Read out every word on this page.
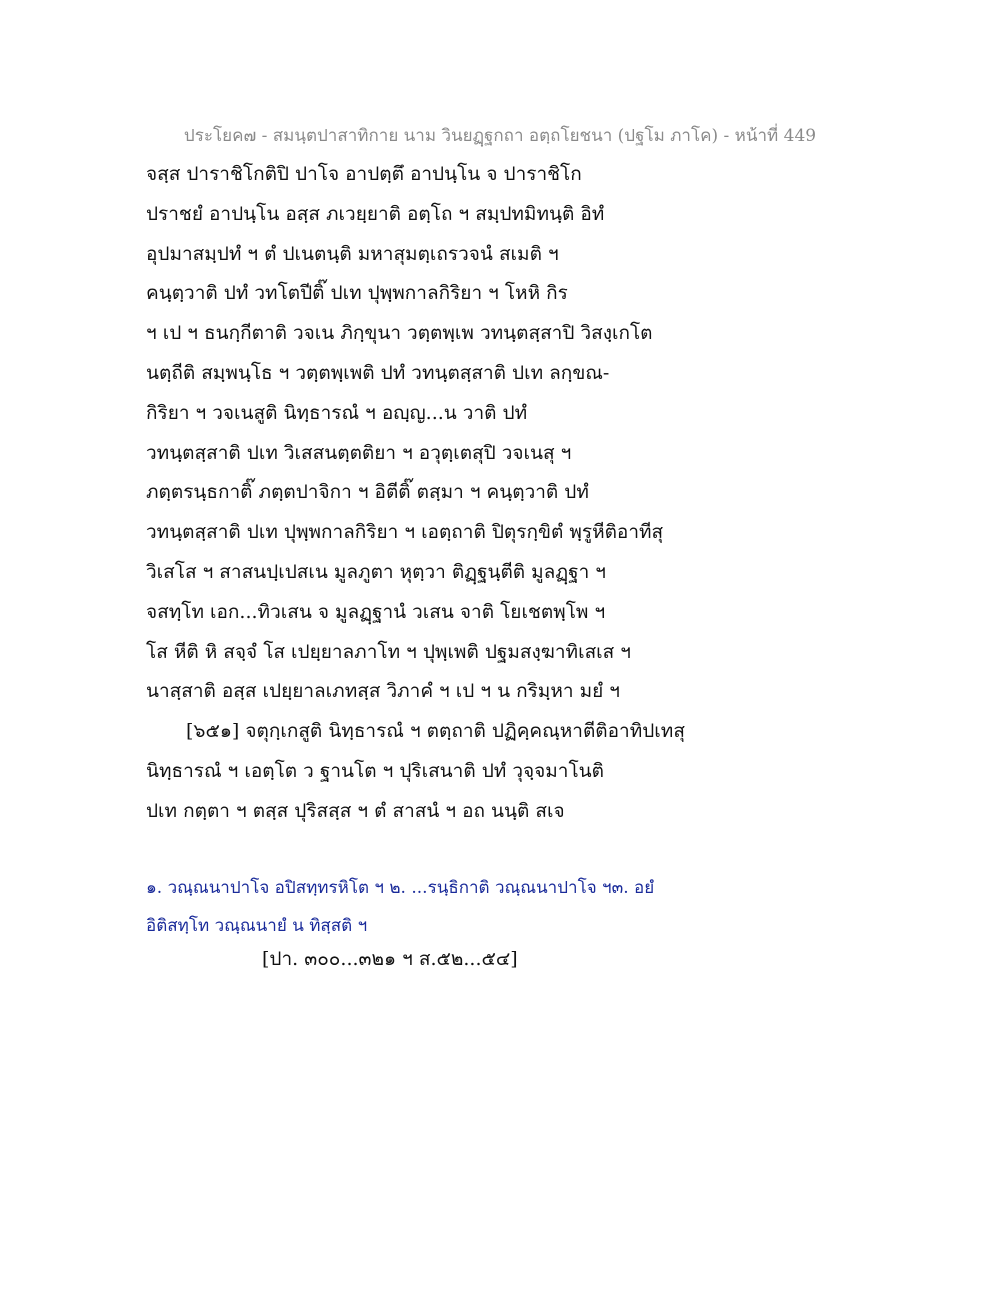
ประโยค๗ - สมนฺตปาสาทิกาย นาม วินยฏฺฐกถา อตฺถโยชนา (ปฐโม ภาโค) - หน้าที่ 449
จสฺส ปาราชิโกติปิ ปาโจ อาปตฺตึ อาปนฺโน จ ปาราชิโก
ปราชยํ อาปนฺโน อสฺส ภเวยฺยาติ อตฺโถ ฯ สมฺปทมิทนฺติ อิทํ
อุปมาสมฺปทํ ฯ ตํ ปเนตนฺติ มหาสุมตฺเถรวจนํ สเมติ ฯ
คนฺตฺวาติ ปทํ วทโตปีติ๊ ปเท ปุพฺพกาลกิริยา ฯ โหหิ กิร
ฯ เป ฯ ธนกฺกีตาติ วจเน ภิกฺขุนา วตฺตพฺเพ วทนฺตสฺสาปิ วิสงฺเกโต
นตฺถีติ สมฺพนฺโธ ฯ วตฺตพฺเพติ ปทํ วทนฺตสฺสาติ ปเท ลกฺขณ-
กิริยา ฯ วจเนสูติ นิทฺธารณํ ฯ อญฺญ...น วาติ ปทํ
วทนฺตสฺสาติ ปเท วิเสสนตฺตติยา ฯ อวุตฺเตสุปิ วจเนสุ ฯ
ภตฺตรนฺธกาติ๊ ภตฺตปาจิกา ฯ อิตีติ๊ ตสฺมา ฯ คนฺตฺวาติ ปทํ
วทนฺตสฺสาติ ปเท ปุพฺพกาลกิริยา ฯ เอตฺถาติ ปิตุรกฺขิตํ พฺรูหีติอาทีสุ
วิเสโส ฯ สาสนปฺเปสเน มูลภูตา หุตฺวา ติฏฺฐนฺตีติ มูลฏฺฐา ฯ
จสทฺโท เอก...ทิวเสน จ มูลฏฺฐานํ วเสน จาติ โยเชตพฺโพ ฯ
โส หีติ หิ สจฺจํ โส เปยฺยาลภาโท ฯ ปุพฺเพติ ปฐมสงฺฆาทิเสเส ฯ
นาสฺสาติ อสฺส เปยฺยาลเภทสฺส วิภาคํ ฯ เป ฯ น กริมฺหา มยํ ฯ
[๖๕๑] จตุกฺเกสูติ นิทฺธารณํ ฯ ตตฺถาติ ปฏิคฺคณฺหาตีติอาทิปเทสุ
นิทฺธารณํ ฯ เอตฺโต ว ฐานโต ฯ ปุริเสนาติ ปทํ วุจฺจมาโนติ
ปเท กตฺตา ฯ ตสฺส ปุริสสฺส ฯ ตํ สาสนํ ฯ อถ นนฺติ สเจ
๑. วณฺณนาปาโจ อปิสทฺทรหิโต ฯ ๒. ...รนฺธิกาติ วณฺณนาปาโจ ฯ๓. อยํ
อิติสทฺโท วณฺณนายํ น ทิสฺสติ ฯ
[ปา. ๓๐๐...๓๒๑ ฯ ส.๕๒...๕๔]
